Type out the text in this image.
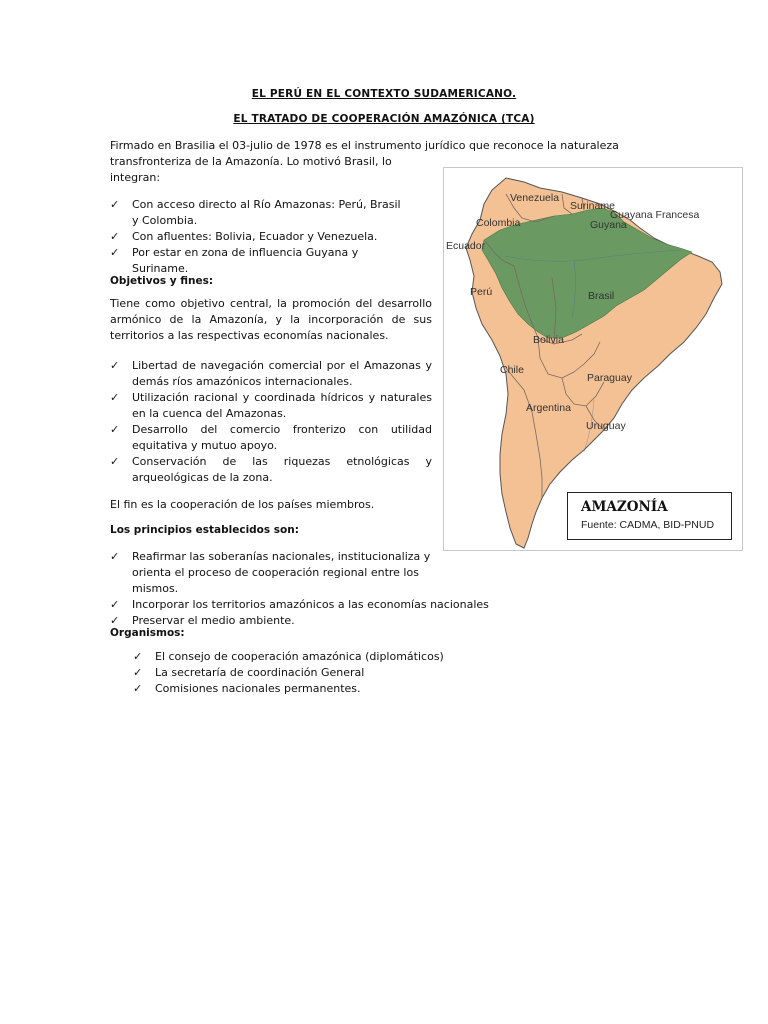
EL PERÚ EN EL CONTEXTO SUDAMERICANO.
EL TRATADO DE COOPERACIÓN AMAZÓNICA (TCA)
Firmado en Brasilia el 03-julio de 1978 es el instrumento jurídico que reconoce la naturaleza
transfronteriza de la Amazonía. Lo motivó Brasil, lo
integran:
✓	Con acceso directo al Río Amazonas: Perú, Brasil y Colombia.
✓	Con afluentes: Bolivia, Ecuador y Venezuela.
✓	Por estar en zona de influencia Guyana y Suriname.
Objetivos y fines:
Tiene como objetivo central, la promoción del desarrollo armónico de la Amazonía, y la incorporación de sus territorios a las respectivas economías nacionales.
✓	Libertad de navegación comercial por el Amazonas y demás ríos amazónicos internacionales.
✓	Utilización racional y coordinada hídricos y naturales en la cuenca del Amazonas.
✓	Desarrollo del comercio fronterizo con utilidad equitativa y mutuo apoyo.
✓	Conservación de las riquezas etnológicas y arqueológicas de la zona.
El fin es la cooperación de los países miembros.
Los principios establecidos son:
✓	Reafirmar las soberanías nacionales, institucionaliza y orienta el proceso de cooperación regional entre los mismos.
✓	Incorporar los territorios amazónicos a las economías nacionales
✓	Preservar el medio ambiente.
Organismos:
✓	El consejo de cooperación amazónica (diplomáticos)
✓	La secretaría de coordinación General
✓	Comisiones nacionales permanentes.
Venezuela
Suriname
Guayana Francesa
Colombia	Guyana
Ecuador
Perú	Brasil
Bolivia
Chile
Paraguay
Argentina
Uruguay
AMAZONÍA
Fuente: CADMA, BID-PNUD
